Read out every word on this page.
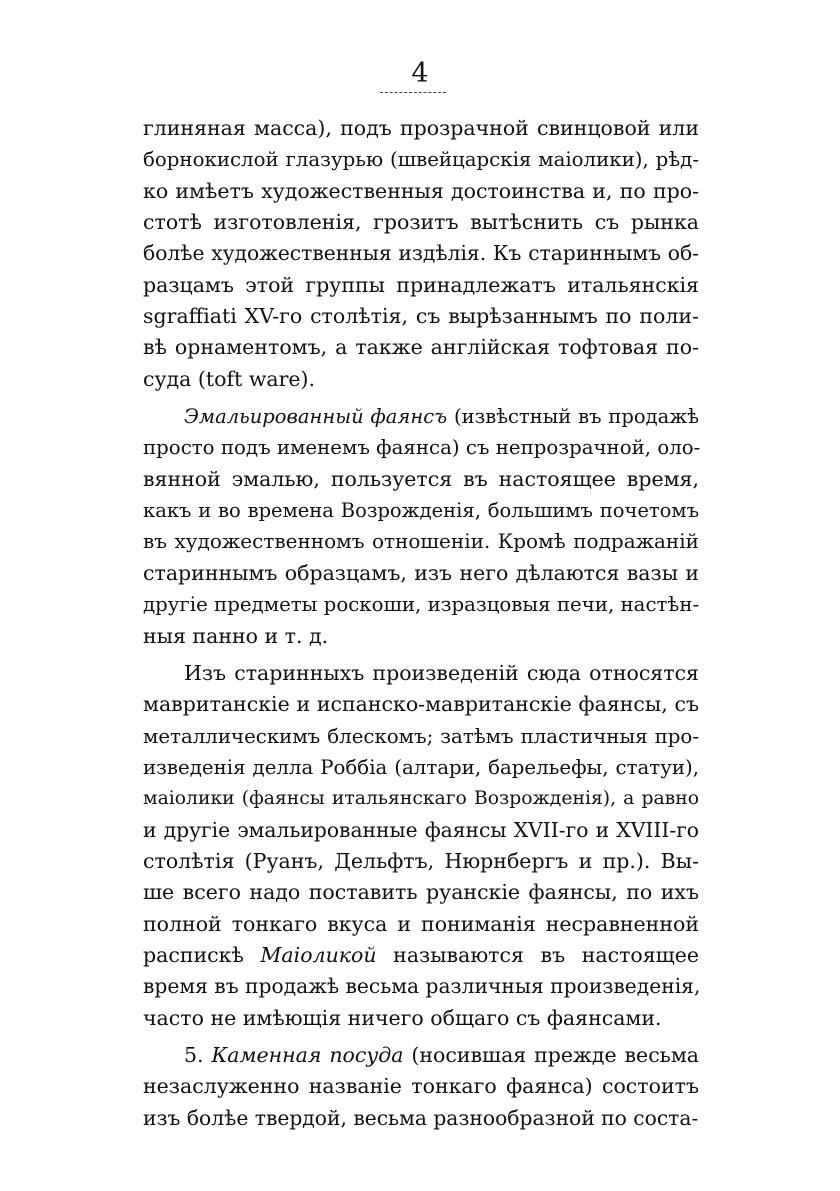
4
глиняная масса), подъ прозрачной свинцовой или
борнокислой глазурью (швейцарскія маіолики), рѣд-
ко имѣетъ художественныя достоинства и, по про-
стотѣ изготовленія, грозитъ вытѣснить съ рынка
болѣе художественныя издѣлія. Къ стариннымъ об-
разцамъ этой группы принадлежатъ итальянскія
sgraffiati XV-го столѣтія, съ вырѣзаннымъ по поли-
вѣ орнаментомъ, а также англійская тофтовая по-
суда (toft ware).
Эмальированный фаянсъ (извѣстный въ продажѣ
просто подъ именемъ фаянса) съ непрозрачной, оло-
вянной эмалью, пользуется въ настоящее время,
какъ и во времена Возрожденія, большимъ почетомъ
въ художественномъ отношеніи. Кромѣ подражаній
стариннымъ образцамъ, изъ него дѣлаются вазы и
другіе предметы роскоши, изразцовыя печи, настѣн-
ныя панно и т. д.
Изъ старинныхъ произведеній сюда относятся
мавританскіе и испанско-мавританскіе фаянсы, съ
металлическимъ блескомъ; затѣмъ пластичныя про-
изведенія делла Роббіа (алтари, барельефы, статуи),
маіолики (фаянсы итальянскаго Возрожденія), а равно
и другіе эмальированные фаянсы XVII-го и XVIII-го
столѣтія (Руанъ, Дельфтъ, Нюрнбергъ и пр.). Вы-
ше всего надо поставить руанскіе фаянсы, по ихъ
полной тонкаго вкуса и пониманія несравненной
распискѣ Маіоликой называются въ настоящее
время въ продажѣ весьма различныя произведенія,
часто не имѣющія ничего общаго съ фаянсами.
5. Каменная посуда (носившая прежде весьма
незаслуженно названіе тонкаго фаянса) состоитъ
изъ болѣе твердой, весьма разнообразной по соста-
